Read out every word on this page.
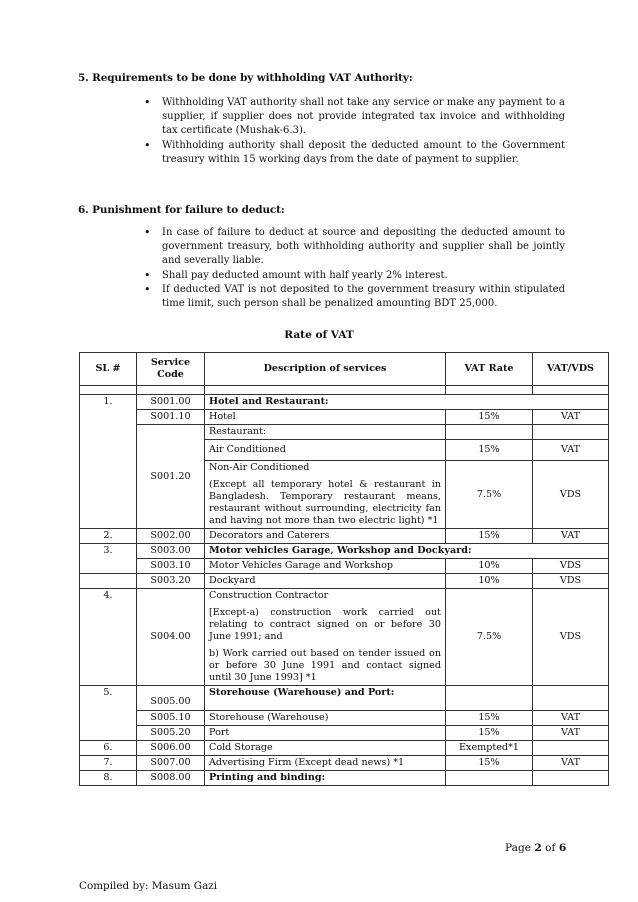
5. Requirements to be done by withholding VAT Authority:
• Withholding VAT authority shall not take any service or make any payment to a supplier, if supplier does not provide integrated tax invoice and withholding tax certificate (Mushak-6.3).
• Withholding authority shall deposit the deducted amount to the Government treasury within 15 working days from the date of payment to supplier.
6. Punishment for failure to deduct:
• In case of failure to deduct at source and depositing the deducted amount to government treasury, both withholding authority and supplier shall be jointly and severally liable.
• Shall pay deducted amount with half yearly 2% interest.
• If deducted VAT is not deposited to the government treasury within stipulated time limit, such person shall be penalized amounting BDT 25,000.
Rate of VAT
SL #	Service Code	Description of services	VAT Rate	VAT/VDS

1.	S001.00	Hotel and Restaurant:		
	S001.10	Hotel	15%	VAT
	S001.20	Restaurant:		
		Air Conditioned	15%	VAT

		Non-Air Conditioned
(Except all temporary hotel & restaurant in Bangladesh. Temporary restaurant means, restaurant without surrounding, electricity fan and having not more than two electric light) *1	7.5%	VDS
2.	S002.00	Decorators and Caterers	15%	VAT
3.	S003.00	Motor vehicles Garage, Workshop and Dockyard:		
	S003.10	Motor Vehicles Garage and Workshop	10%	VDS
	S003.20	Dockyard	10%	VDS
4.	S004.00	Construction Contractor
[Except-a) construction work carried out relating to contract signed on or before 30 June 1991; and
b) Work carried out based on tender issued on or before 30 June 1991 and contact signed until 30 June 1993] *1	7.5%	VDS
5.	S005.00	Storehouse (Warehouse) and Port:		
	S005.10	Storehouse (Warehouse)	15%	VAT
	S005.20	Port	15%	VAT
6.	S006.00	Cold Storage	Exempted*1	
7.	S007.00	Advertising Firm (Except dead news) *1	15%	VAT
8.	S008.00	Printing and binding:		
Page 2 of 6
Compiled by: Masum Gazi
